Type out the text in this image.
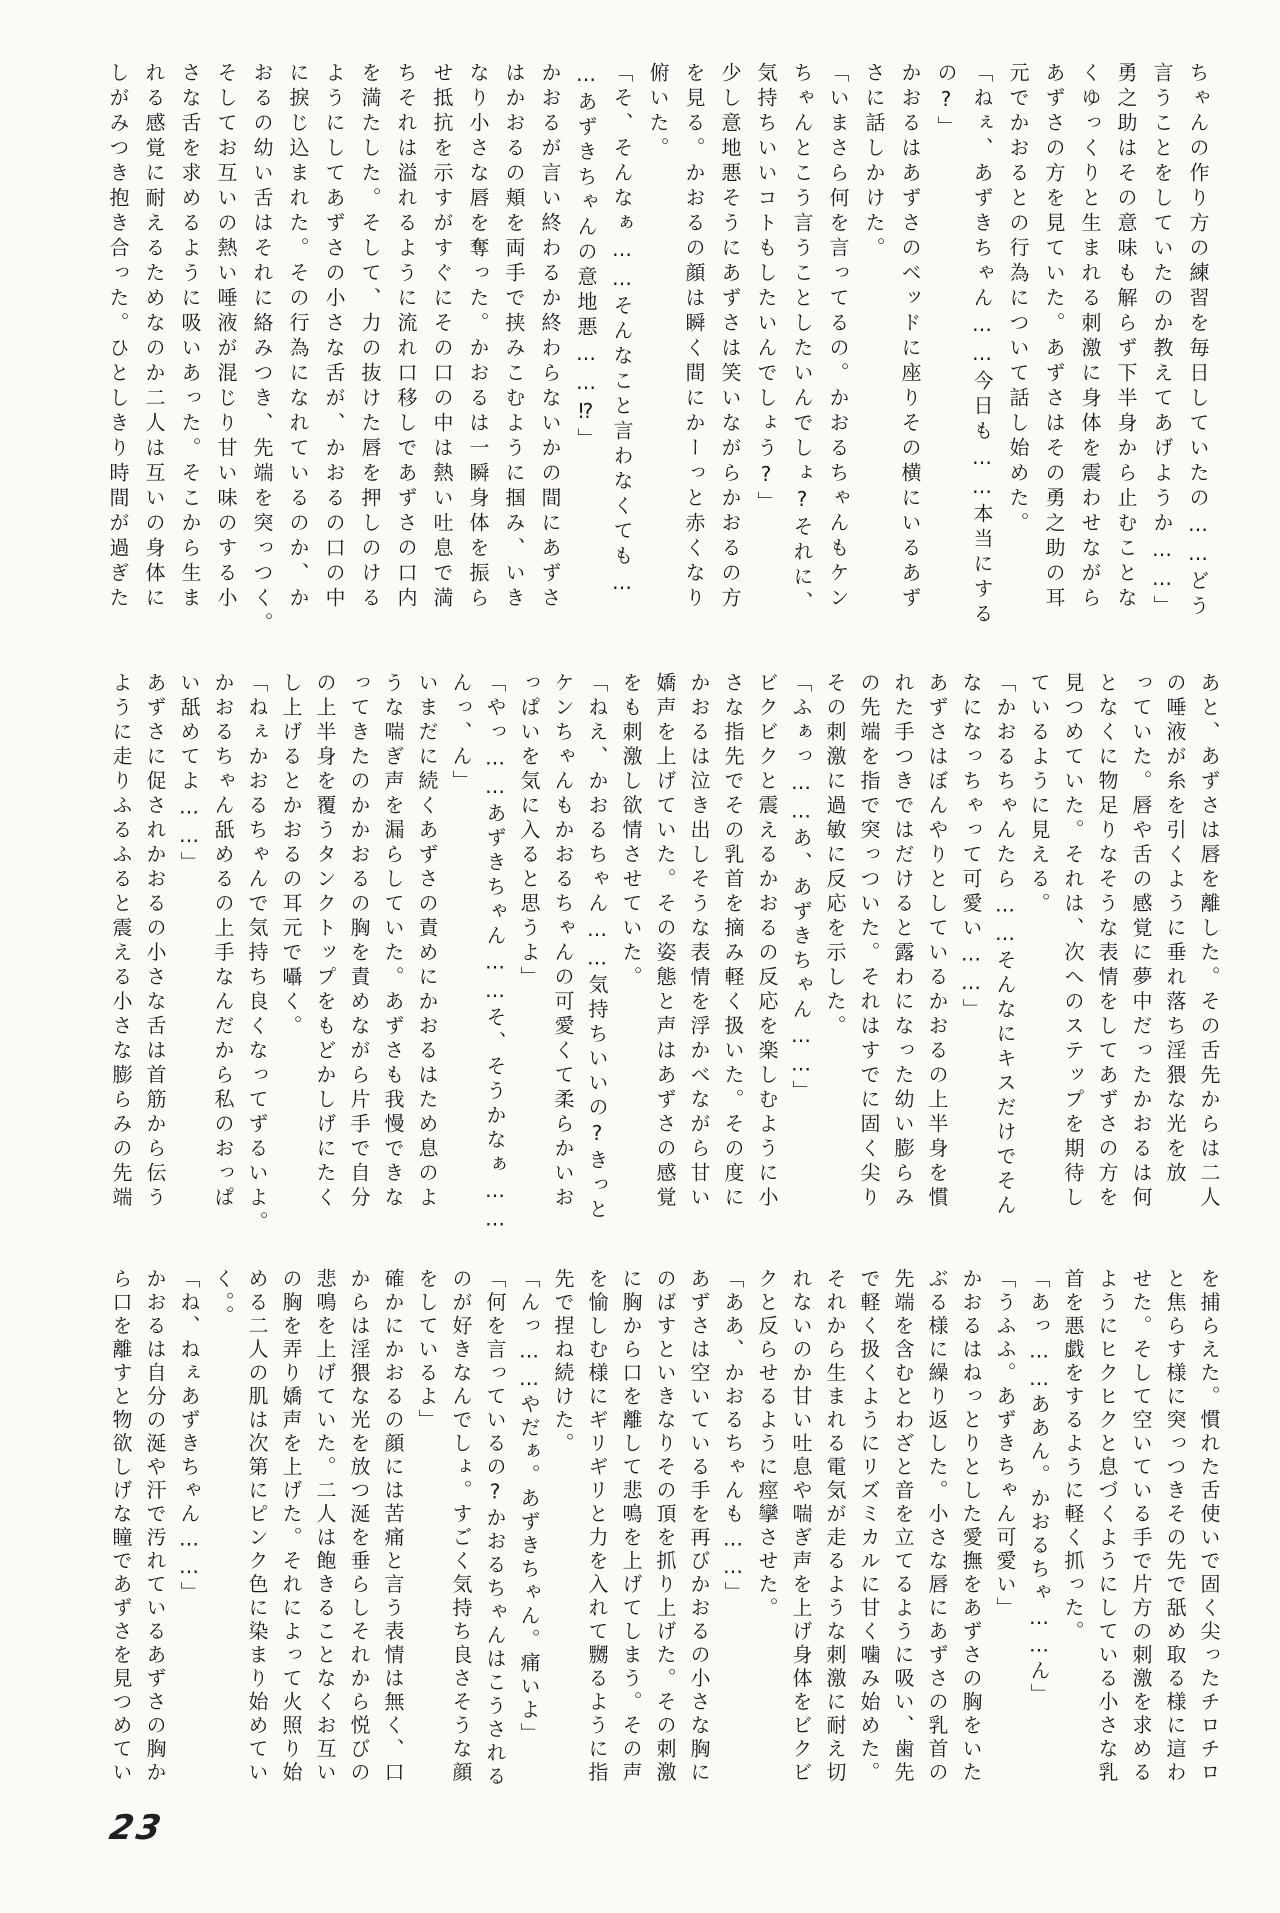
ちゃんの作り方の練習を毎日していたの……どう

言うことをしていたのか教えてあげようか……」

勇之助はその意味も解らず下半身から止むことな

くゆっくりと生まれる刺激に身体を震わせながら

あずさの方を見ていた。あずさはその勇之助の耳

元でかおるとの行為について話し始めた。

「ねぇ、あずきちゃん……今日も……本当にする

の?」

かおるはあずさのベッドに座りその横にいるあず

さに話しかけた。

「いまさら何を言ってるの。かおるちゃんもケン

ちゃんとこう言うことしたいんでしょ?それに、

気持ちいいコトもしたいんでしょう?」

少し意地悪そうにあずさは笑いながらかおるの方

を見る。かおるの顔は瞬く間にかーっと赤くなり

俯いた。

「そ、そんなぁ……そんなこと言わなくても…

…あずきちゃんの意地悪……⁉」

かおるが言い終わるか終わらないかの間にあずさ

はかおるの頬を両手で挟みこむように掴み、いき

なり小さな唇を奪った。かおるは一瞬身体を振ら

せ抵抗を示すがすぐにその口の中は熱い吐息で満

ちそれは溢れるように流れ口移しであずさの口内

を満たした。そして、力の抜けた唇を押しのける

ようにしてあずさの小さな舌が、かおるの口の中

に捩じ込まれた。その行為になれているのか、か

おるの幼い舌はそれに絡みつき、先端を突っつく。

そしてお互いの熱い唾液が混じり甘い味のする小

さな舌を求めるように吸いあった。そこから生ま

れる感覚に耐えるためなのか二人は互いの身体に

しがみつき抱き合った。ひとしきり時間が過ぎた

あと、あずさは唇を離した。その舌先からは二人

の唾液が糸を引くように垂れ落ち淫猥な光を放

っていた。唇や舌の感覚に夢中だったかおるは何

となくに物足りなそうな表情をしてあずさの方を

見つめていた。それは、次へのステップを期待し

ているように見える。

「かおるちゃんたら……そんなにキスだけでそん

なになっちゃって可愛い……」

あずさはぼんやりとしているかおるの上半身を慣

れた手つきではだけると露わになった幼い膨らみ

の先端を指で突っついた。それはすでに固く尖り

その刺激に過敏に反応を示した。

「ふぁっ……あ、あずきちゃん……」

ビクビクと震えるかおるの反応を楽しむように小

さな指先でその乳首を摘み軽く扱いた。その度に

かおるは泣き出しそうな表情を浮かべながら甘い

嬌声を上げていた。その姿態と声はあずさの感覚

をも刺激し欲情させていた。

「ねえ、かおるちゃん……気持ちいいの?きっと

ケンちゃんもかおるちゃんの可愛くて柔らかいお

っぱいを気に入ると思うよ」

「やっ……あずきちゃん……そ、そうかなぁ……

んっ、ん」

いまだに続くあずさの責めにかおるはため息のよ

うな喘ぎ声を漏らしていた。あずさも我慢できな

ってきたのかかおるの胸を責めながら片手で自分

の上半身を覆うタンクトップをもどかしげにたく

し上げるとかおるの耳元で囁く。

「ねぇかおるちゃんで気持ち良くなってずるいよ。

かおるちゃん舐めるの上手なんだから私のおっぱ

い舐めてよ……」

あずさに促されかおるの小さな舌は首筋から伝う

ように走りふるふると震える小さな膨らみの先端

を捕らえた。慣れた舌使いで固く尖ったチロチロ

と焦らす様に突っつきその先で舐め取る様に這わ

せた。そして空いている手で片方の刺激を求める

ようにヒクヒクと息づくようにしている小さな乳

首を悪戯をするように軽く抓った。

「あっ……ああん。かおるちゃ……ん」

「うふふ。あずきちゃん可愛い」

かおるはねっとりとした愛撫をあずさの胸をいた

ぶる様に繰り返した。小さな唇にあずさの乳首の

先端を含むとわざと音を立てるように吸い、歯先

で軽く扱くようにリズミカルに甘く噛み始めた。

それから生まれる電気が走るような刺激に耐え切

れないのか甘い吐息や喘ぎ声を上げ身体をビクビ

クと反らせるように痙攣させた。

「ああ、かおるちゃんも……」

あずさは空いている手を再びかおるの小さな胸に

のばすといきなりその頂を抓り上げた。その刺激

に胸から口を離して悲鳴を上げてしまう。その声

を愉しむ様にギリギリと力を入れて嬲るように指

先で捏ね続けた。

「んっ……やだぁ。あずきちゃん。痛いよ」

「何を言っているの?かおるちゃんはこうされる

のが好きなんでしょ。すごく気持ち良さそうな顔

をしているよ」

確かにかおるの顔には苦痛と言う表情は無く、口

からは淫猥な光を放つ涎を垂らしそれから悦びの

悲鳴を上げていた。二人は飽きることなくお互い

の胸を弄り嬌声を上げた。それによって火照り始

める二人の肌は次第にピンク色に染まり始めてい

く。。

「ね、ねぇあずきちゃん……」

かおるは自分の涎や汗で汚れているあずさの胸か

ら口を離すと物欲しげな瞳であずさを見つめてい

23
